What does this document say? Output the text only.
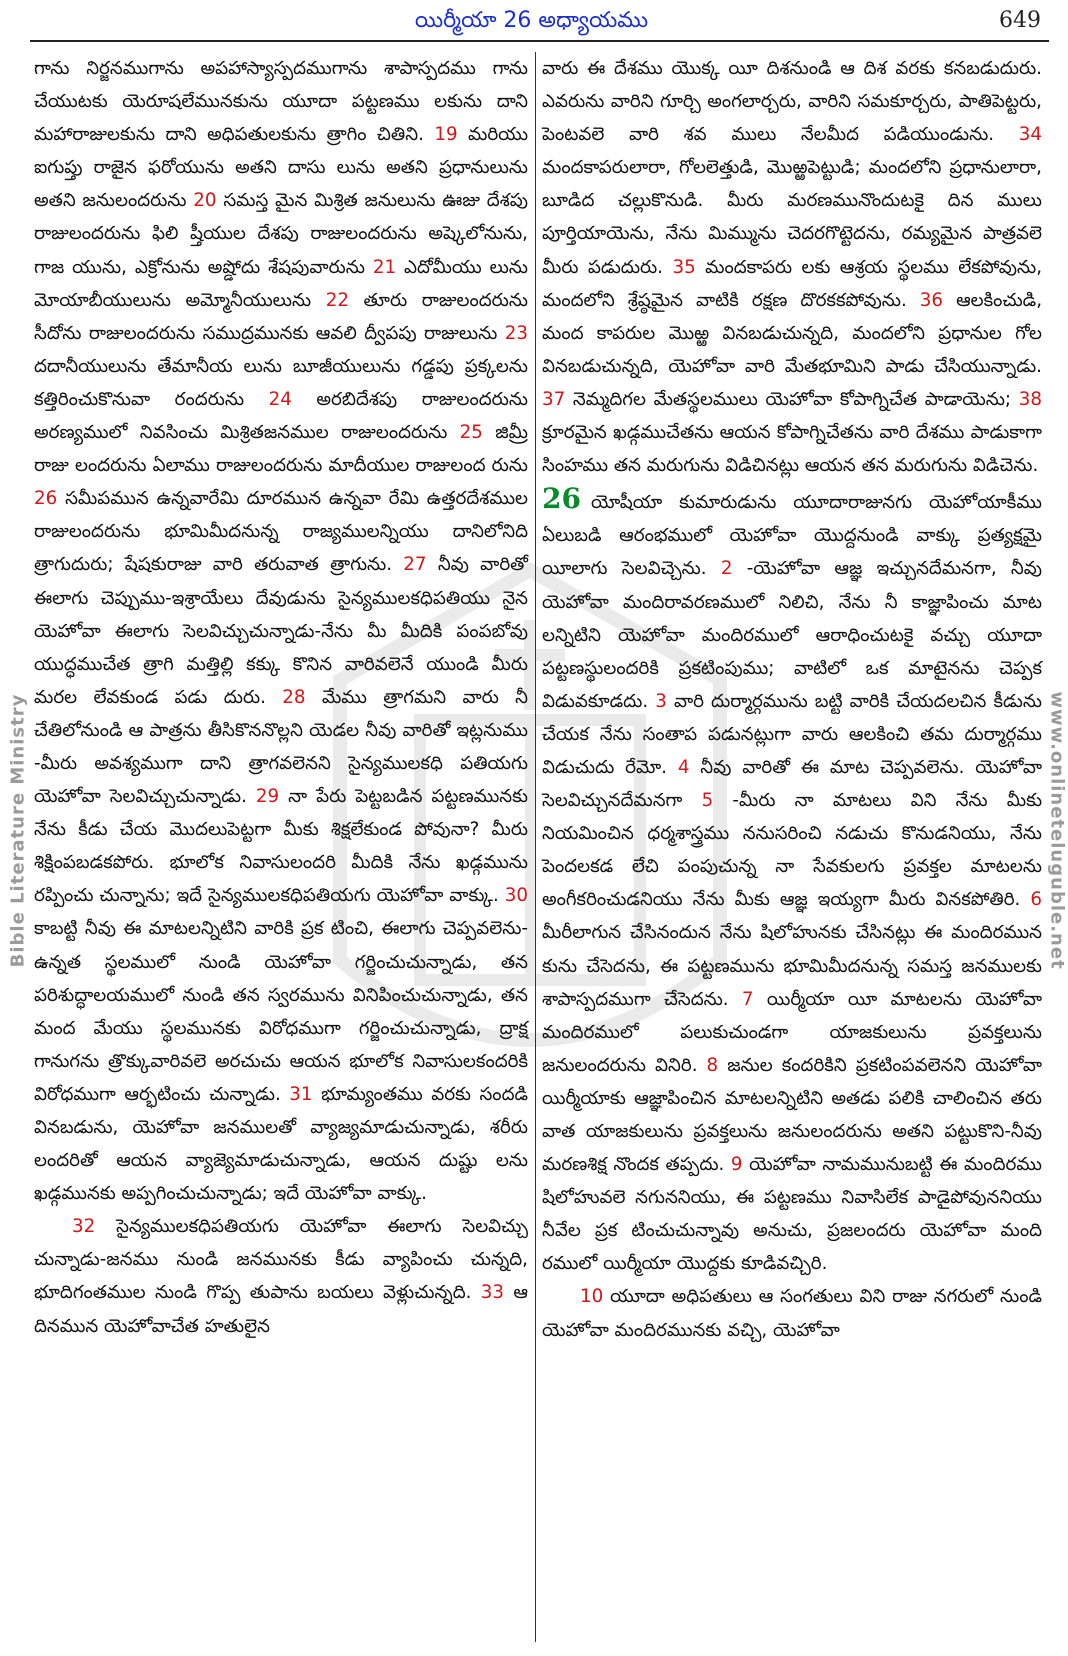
యిర్మీయా 26 అధ్యాయము	649
Bible Literature Ministry	www.onlineteluguble.net

గాను నిర్జనముగాను అపహాస్యాస్పదముగాను శాపాస్పదము గాను చేయుటకు యెరూషలేమునకును యూదా పట్టణము లకును దాని మహారాజులకును దాని అధిపతులకును త్రాగిం చితిని. 19 మరియు ఐగుప్తు రాజైన ఫరోయును అతని దాసు లును అతని ప్రధానులును అతని జనులందరును 20 సమస్త మైన మిశ్రిత జనులును ఊజు దేశపు రాజులందరును ఫిలి ష్తీయుల దేశపు రాజులందరును అష్కెలోనును, గాజ యును, ఎక్రోనును అష్డోదు శేషపువారును 21 ఎదోమీయు లును మోయాబీయులును అమ్మోనీయులును 22 తూరు రాజులందరును సీదోను రాజులందరును సముద్రమునకు ఆవలి ద్వీపపు రాజులును 23 దదానీయులును తేమానీయ లును బూజీయులును గడ్డపు ప్రక్కలను కత్తిరించుకొనువా రందరును 24 అరబిదేశపు రాజులందరును అరణ్యములో నివసించు మిశ్రితజనముల రాజులందరును 25 జిమ్రీ రాజు లందరును ఏలాము రాజులందరును మాదీయుల రాజులంద రును 26 సమీపమున ఉన్నవారేమి దూరమున ఉన్నవా రేమి ఉత్తరదేశముల రాజులందరును భూమిమీదనున్న రాజ్యములన్నియు దానిలోనిది త్రాగుదురు; షేషకురాజు వారి తరువాత త్రాగును. 27 నీవు వారితో ఈలాగు చెప్పుము-ఇశ్రాయేలు దేవుడును సైన్యములకధిపతియు నైన యెహోవా ఈలాగు సెలవిచ్చుచున్నాడు-నేను మీ మీదికి పంపబోవు యుద్ధముచేత త్రాగి మత్తిల్లి కక్కు కొనిన వారివలెనే యుండి మీరు మరల లేవకుండ పడు దురు. 28 మేము త్రాగమని వారు నీ చేతిలోనుండి ఆ పాత్రను తీసికొననొల్లని యెడల నీవు వారితో ఇట్లనుము -మీరు అవశ్యముగా దాని త్రాగవలెనని సైన్యములకధి పతియగు యెహోవా సెలవిచ్చుచున్నాడు. 29 నా పేరు పెట్టబడిన పట్టణమునకు నేను కీడు చేయ మొదలుపెట్టగా మీకు శిక్షలేకుండ పోవునా? మీరు శిక్షింపబడకపోరు. భూలోక నివాసులందరి మీదికి నేను ఖడ్గమును రప్పించు చున్నాను; ఇదే సైన్యములకధిపతియగు యెహోవా వాక్కు. 30 కాబట్టి నీవు ఈ మాటలన్నిటిని వారికి ప్రక టించి, ఈలాగు చెప్పవలెను-ఉన్నత స్థలములో నుండి యెహోవా గర్జించుచున్నాడు, తన పరిశుద్ధాలయములో నుండి తన స్వరమును వినిపించుచున్నాడు, తన మంద మేయు స్థలమునకు విరోధముగా గర్జించుచున్నాడు, ద్రాక్ష గానుగను త్రొక్కువారివలె అరచుచు ఆయన భూలోక నివాసులకందరికి విరోధముగా ఆర్భటించు చున్నాడు. 31 భూమ్యంతము వరకు సందడి వినబడును, యెహోవా జనములతో వ్యాజ్యమాడుచున్నాడు, శరీరు లందరితో ఆయన వ్యాజ్యెమాడుచున్నాడు, ఆయన దుష్టు లను ఖడ్గమునకు అప్పగించుచున్నాడు; ఇదే యెహోవా వాక్కు.

32 సైన్యములకధిపతియగు యెహోవా ఈలాగు సెలవిచ్చు చున్నాడు-జనము నుండి జనమునకు కీడు వ్యాపించు చున్నది, భూదిగంతముల నుండి గొప్ప తుపాను బయలు వెళ్లుచున్నది. 33 ఆ దినమున యెహోవాచేత హతులైన

వారు ఈ దేశము యొక్క యీ దిశనుండి ఆ దిశ వరకు కనబడుదురు. ఎవరును వారిని గూర్చి అంగలార్చరు, వారిని సమకూర్చరు, పాతిపెట్టరు, పెంటవలె వారి శవ ములు నేలమీద పడియుండును. 34 మందకాపరులారా, గోలలెత్తుడి, మొఱ్ఱపెట్టుడి; మందలోని ప్రధానులారా, బూడిద చల్లుకొనుడి. మీరు మరణమునొందుటకై దిన ములు పూర్తియాయెను, నేను మిమ్మును చెదరగొట్టెదను, రమ్యమైన పాత్రవలె మీరు పడుదురు. 35 మందకాపరు లకు ఆశ్రయ స్థలము లేకపోవును, మందలోని శ్రేష్ఠమైన వాటికి రక్షణ దొరకకపోవును. 36 ఆలకించుడి, మంద కాపరుల మొఱ్ఱ వినబడుచున్నది, మందలోని ప్రధానుల గోల వినబడుచున్నది, యెహోవా వారి మేతభూమిని పాడు చేసియున్నాడు. 37 నెమ్మదిగల మేతస్థలములు యెహోవా కోపాగ్నిచేత పాడాయెను; 38 క్రూరమైన ఖడ్గముచేతను ఆయన కోపాగ్నిచేతను వారి దేశము పాడుకాగా సింహము తన మరుగును విడిచినట్లు ఆయన తన మరుగును విడిచెను.

26 యోషీయా కుమారుడును యూదారాజునగు యెహోయాకీము ఏలుబడి ఆరంభములో యెహోవా యొద్దనుండి వాక్కు ప్రత్యక్షమై యీలాగు సెలవిచ్చెను. 2 -యెహోవా ఆజ్ఞ ఇచ్చునదేమనగా, నీవు యెహోవా మందిరావరణములో నిలిచి, నేను నీ కాజ్ఞాపించు మాట లన్నిటిని యెహోవా మందిరములో ఆరాధించుటకై వచ్చు యూదా పట్టణస్థులందరికి ప్రకటింపుము; వాటిలో ఒక మాటైనను చెప్పక విడువకూడదు. 3 వారి దుర్మార్గమును బట్టి వారికి చేయదలచిన కీడును చేయక నేను సంతాప పడునట్లుగా వారు ఆలకించి తమ దుర్మార్గము విడుచుదు రేమో. 4 నీవు వారితో ఈ మాట చెప్పవలెను. యెహోవా సెలవిచ్చునదేమనగా 5 -మీరు నా మాటలు విని నేను మీకు నియమించిన ధర్మశాస్త్రము ననుసరించి నడుచు కొనుడనియు, నేను పెందలకడ లేచి పంపుచున్న నా సేవకులగు ప్రవక్తల మాటలను అంగీకరించుడనియు నేను మీకు ఆజ్ఞ ఇయ్యగా మీరు వినకపోతిరి. 6 మీరీలాగున చేసినందున నేను షిలోహునకు చేసినట్లు ఈ మందిరమున కును చేసెదను, ఈ పట్టణమును భూమిమీదనున్న సమస్త జనములకు శాపాస్పదముగా చేసెదను. 7 యిర్మీయా యీ మాటలను యెహోవా మందిరములో పలుకుచుండగా యాజకులును ప్రవక్తలును జనులందరును వినిరి. 8 జనుల కందరికిని ప్రకటింపవలెనని యెహోవా యిర్మీయాకు ఆజ్ఞాపించిన మాటలన్నిటిని అతడు పలికి చాలించిన తరు వాత యాజకులును ప్రవక్తలును జనులందరును అతని పట్టుకొని-నీవు మరణశిక్ష నొందక తప్పదు. 9 యెహోవా నామమునుబట్టి ఈ మందిరము షిలోహువలె నగుననియు, ఈ పట్టణము నివాసిలేక పాడైపోవుననియు నీవేల ప్రక టించుచున్నావు అనుచు, ప్రజలందరు యెహోవా మంది రములో యిర్మీయా యొద్దకు కూడివచ్చిరి.

10 యూదా అధిపతులు ఆ సంగతులు విని రాజు నగరులో నుండి యెహోవా మందిరమునకు వచ్చి, యెహోవా
